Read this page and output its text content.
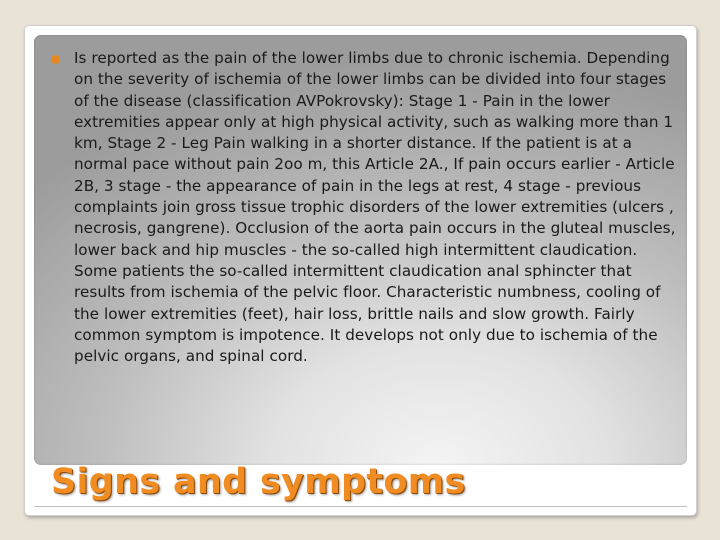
Is reported as the pain of the lower limbs due to chronic ischemia. Depending on the severity of ischemia of the lower limbs can be divided into four stages of the disease (classification AVPokrovsky): Stage 1 - Pain in the lower extremities appear only at high physical activity, such as walking more than 1 km, Stage 2 - Leg Pain walking in a shorter distance. If the patient is at a normal pace without pain 2oo m, this Article 2A., If pain occurs earlier - Article 2B, 3 stage - the appearance of pain in the legs at rest, 4 stage - previous complaints join gross tissue trophic disorders of the lower extremities (ulcers , necrosis, gangrene). Occlusion of the aorta pain occurs in the gluteal muscles, lower back and hip muscles - the so-called high intermittent claudication. Some patients the so-called intermittent claudication anal sphincter that results from ischemia of the pelvic floor. Characteristic numbness, cooling of the lower extremities (feet), hair loss, brittle nails and slow growth. Fairly common symptom is impotence. It develops not only due to ischemia of the pelvic organs, and spinal cord.

Signs and symptoms
